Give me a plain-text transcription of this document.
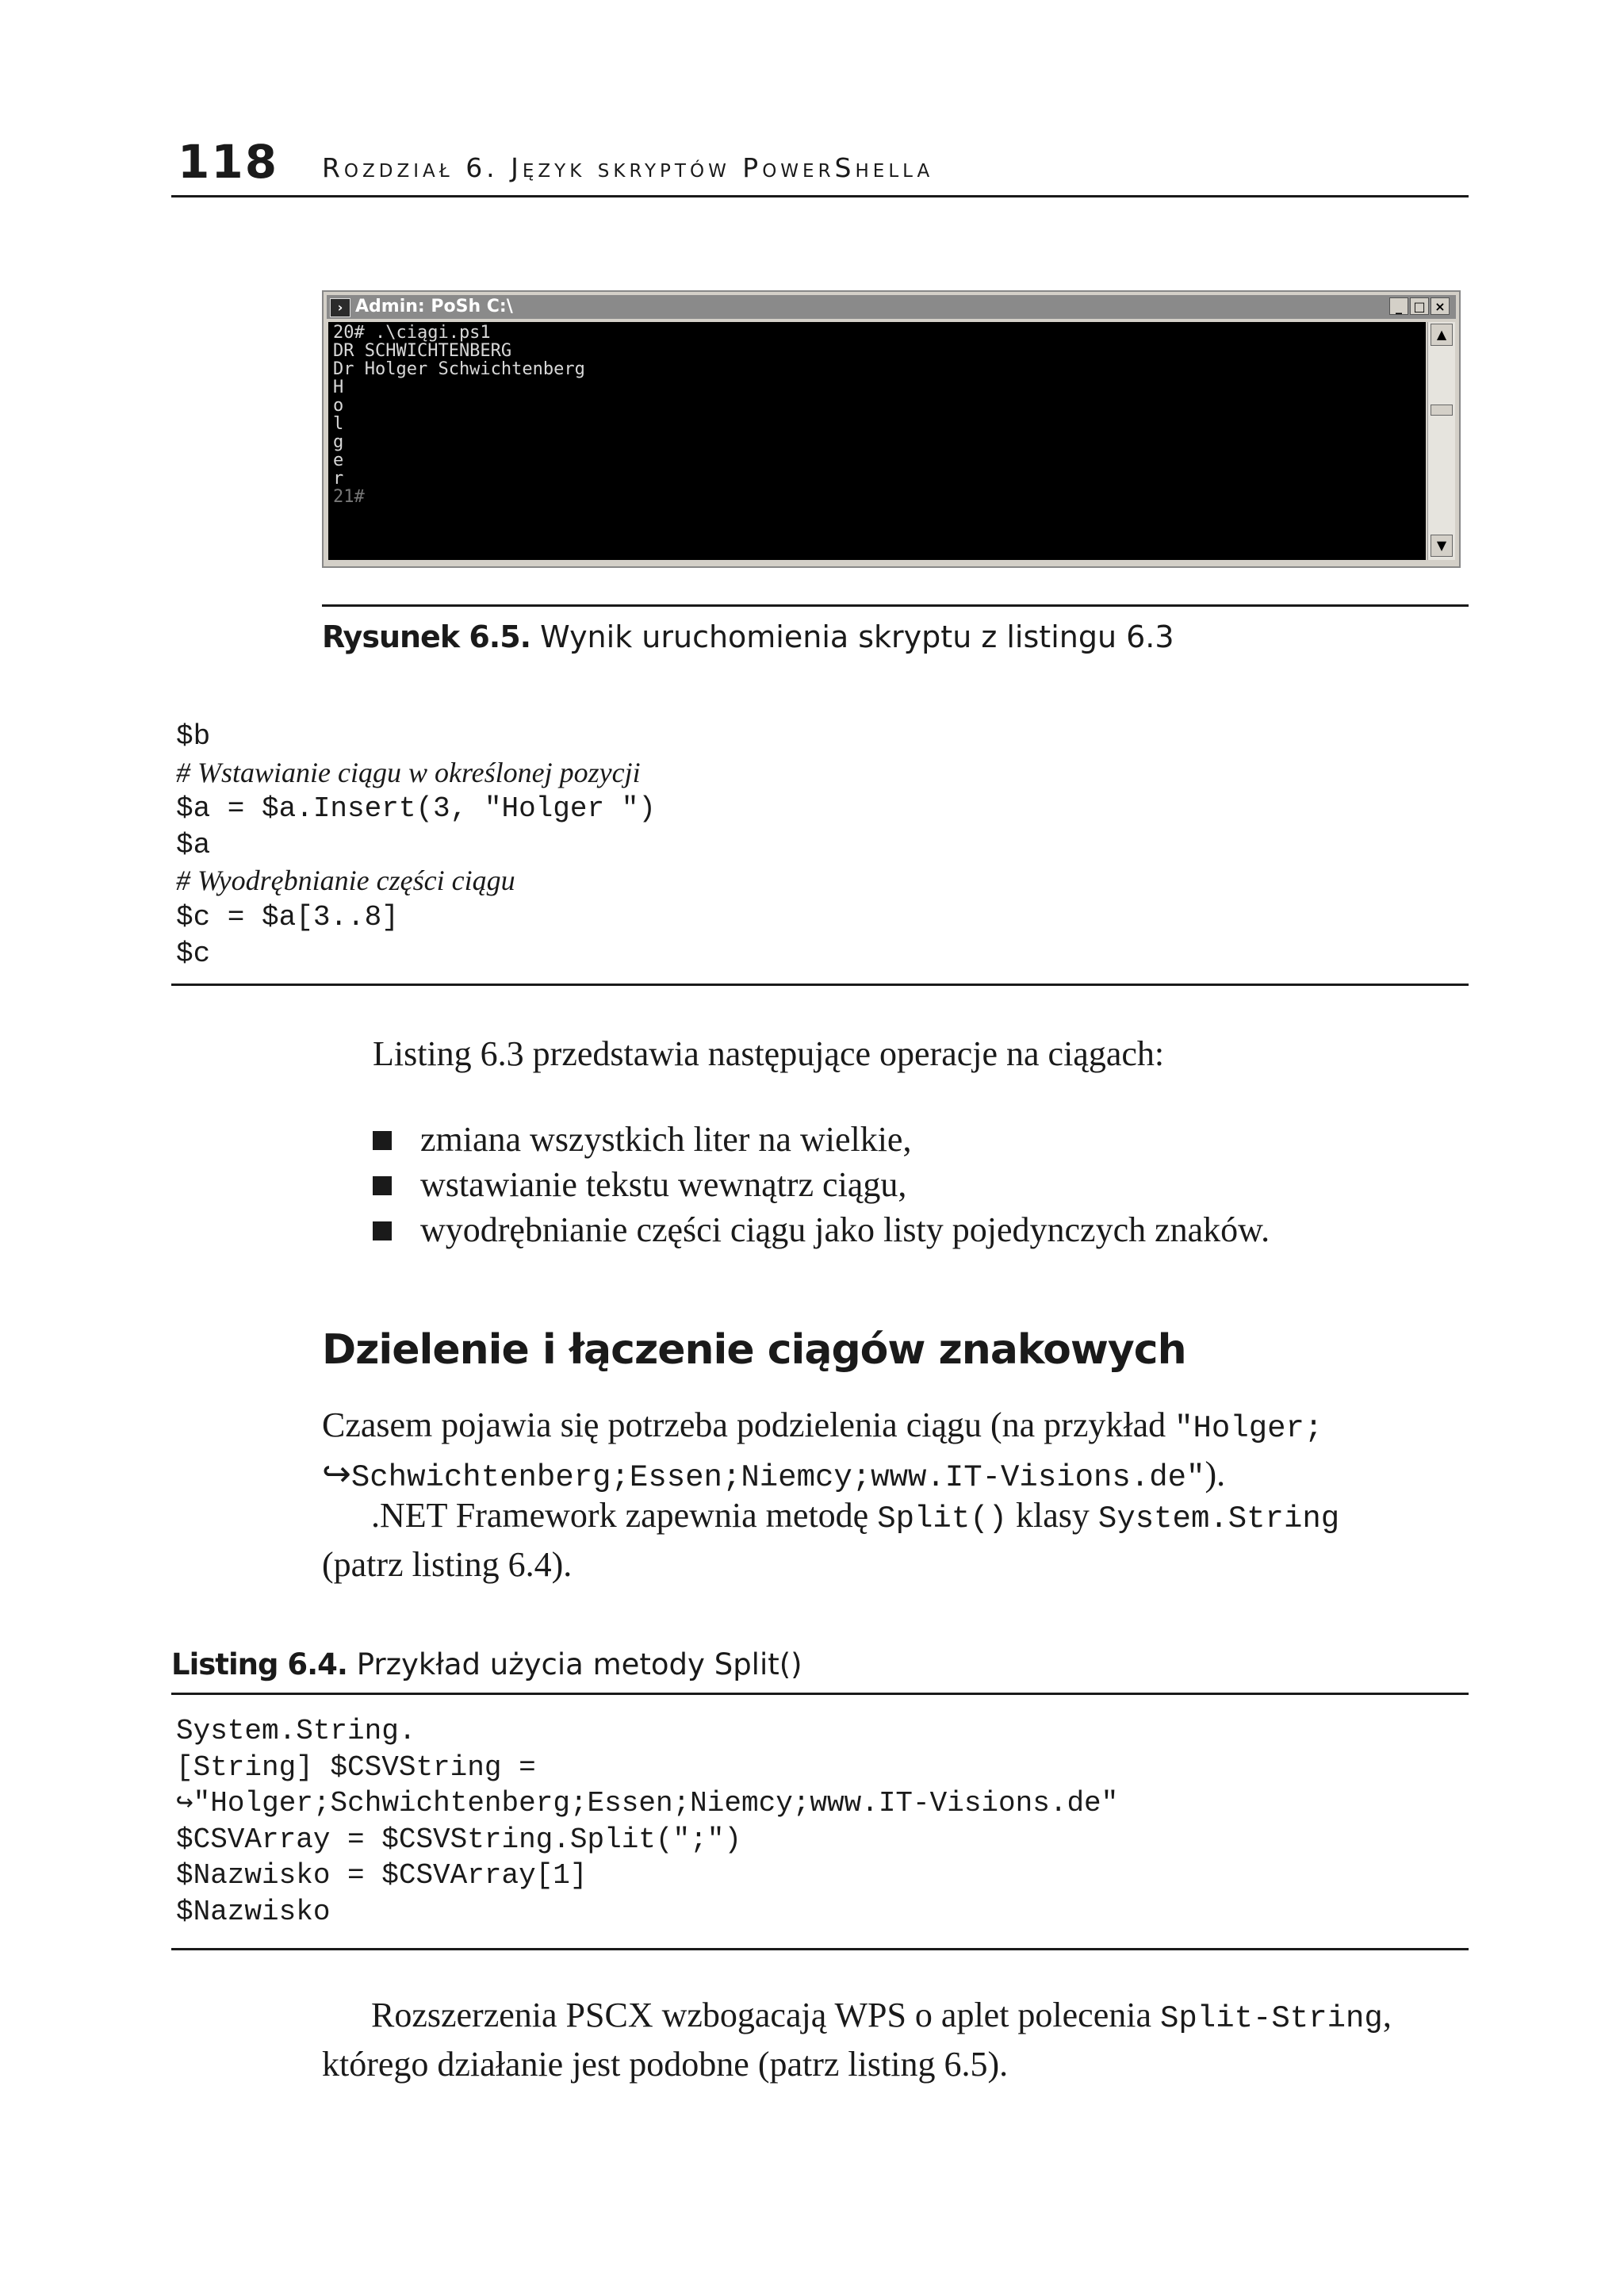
118 Rozdział 6. Język skryptów PowerShella
› Admin: PoSh C:\	_ □ ×
20# .\ciągi.ps1
DR SCHWICHTENBERG
Dr Holger Schwichtenberg
H
o
l
g
e
r
21#
▲
▼
Rysunek 6.5. Wynik uruchomienia skryptu z listingu 6.3
$b
# Wstawianie ciągu w określonej pozycji
$a = $a.Insert(3, "Holger ")
$a
# Wyodrębnianie części ciągu
$c = $a[3..8]
$c
Listing 6.3 przedstawia następujące operacje na ciągach:
zmiana wszystkich liter na wielkie,
wstawianie tekstu wewnątrz ciągu,
wyodrębnianie części ciągu jako listy pojedynczych znaków.
Dzielenie i łączenie ciągów znakowych
Czasem pojawia się potrzeba podzielenia ciągu (na przykład "Holger;
↪Schwichtenberg;Essen;Niemcy;www.IT-Visions.de").
.NET Framework zapewnia metodę Split() klasy System.String
(patrz listing 6.4).
Listing 6.4. Przykład użycia metody Split()
System.String.
[String] $CSVString =
↪"Holger;Schwichtenberg;Essen;Niemcy;www.IT-Visions.de"
$CSVArray = $CSVString.Split(";")
$Nazwisko = $CSVArray[1]
$Nazwisko
Rozszerzenia PSCX wzbogacają WPS o aplet polecenia Split-String,
którego działanie jest podobne (patrz listing 6.5).
